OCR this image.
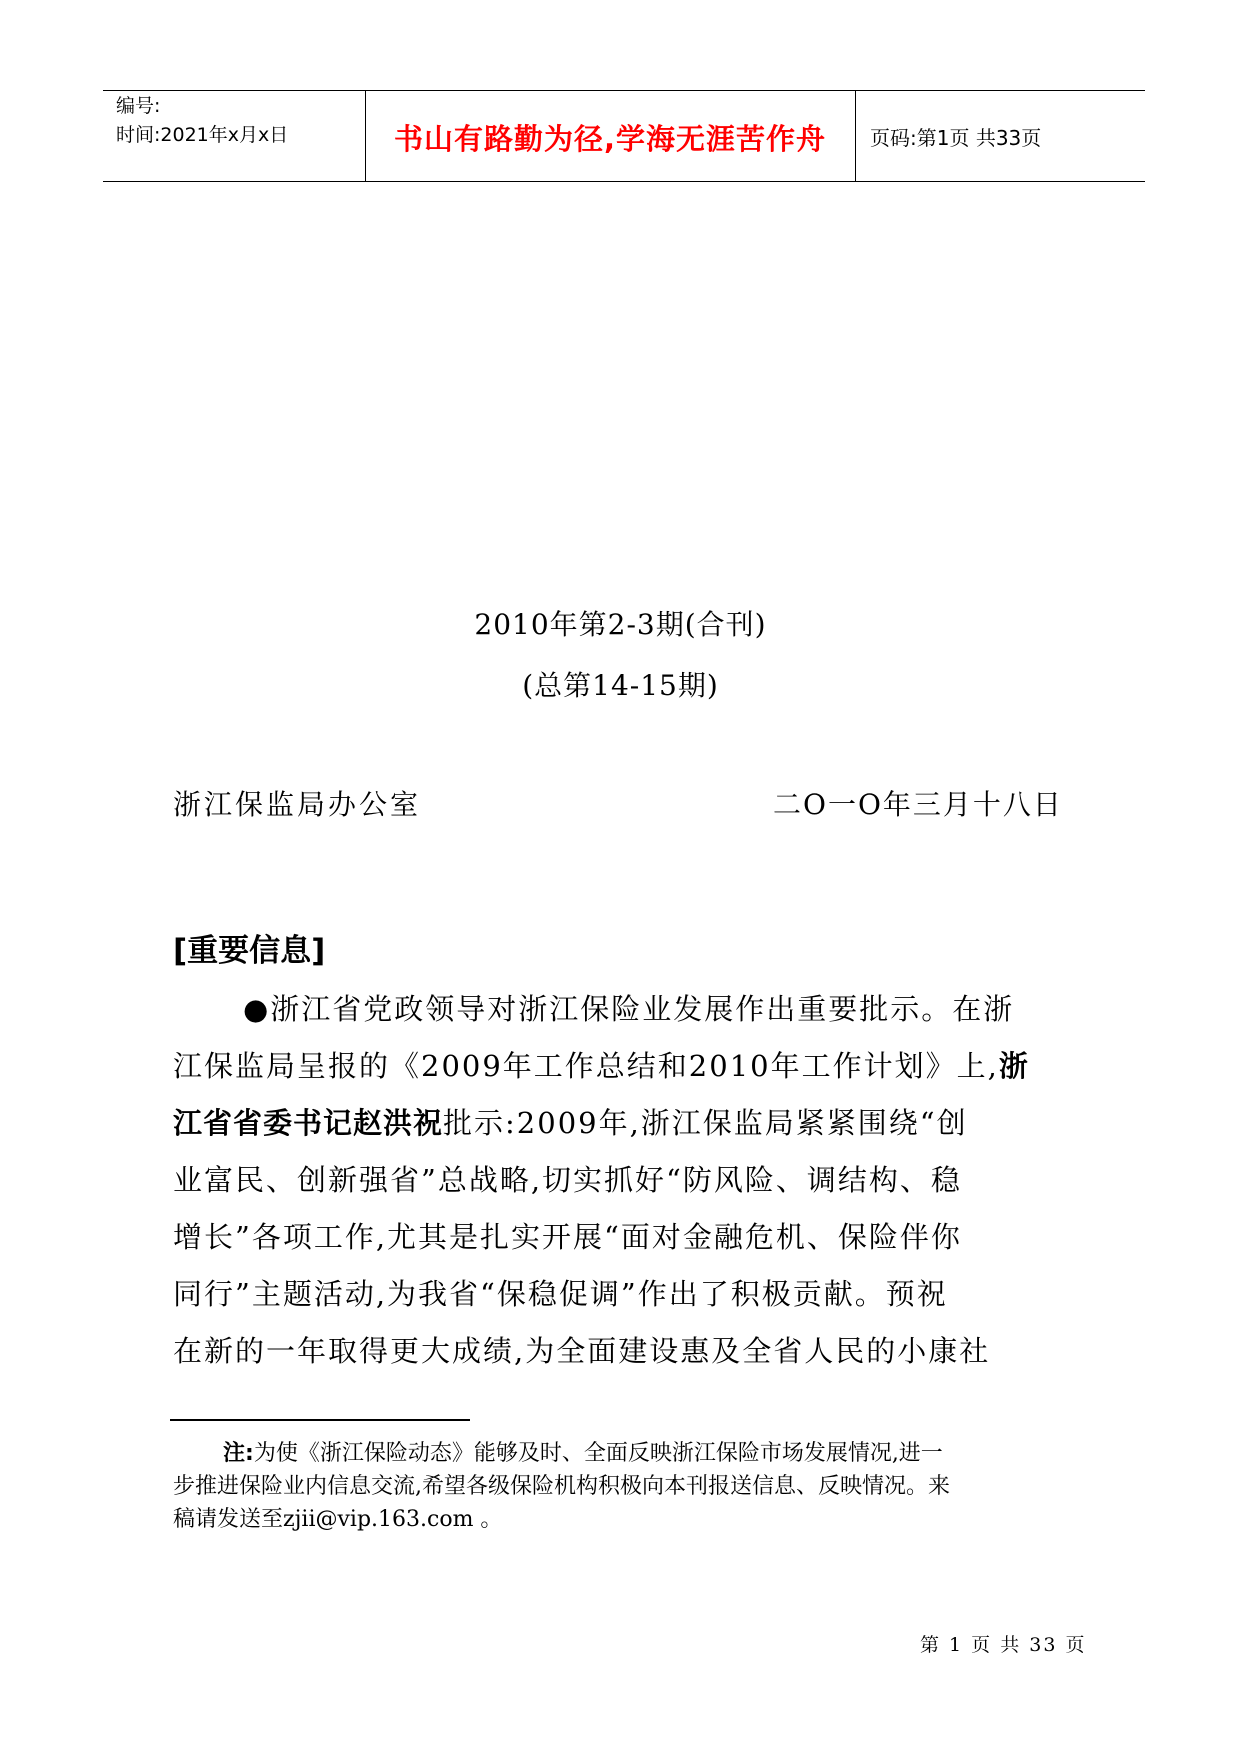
编号:
时间:2021年x月x日	书山有路勤为径,学海无涯苦作舟	页码:第1页 共33页
2010年第2-3期(合刊)
(总第14-15期)
浙江保监局办公室	二O一O年三月十八日
[重要信息]
●浙江省党政领导对浙江保险业发展作出重要批示。在浙
江保监局呈报的《2009年工作总结和2010年工作计划》上,浙
江省省委书记赵洪祝批示:2009年,浙江保监局紧紧围绕“创
业富民、创新强省”总战略,切实抓好“防风险、调结构、稳
增长”各项工作,尤其是扎实开展“面对金融危机、保险伴你
同行”主题活动,为我省“保稳促调”作出了积极贡献。预祝
在新的一年取得更大成绩,为全面建设惠及全省人民的小康社
注:为使《浙江保险动态》能够及时、全面反映浙江保险市场发展情况,进一
步推进保险业内信息交流,希望各级保险机构积极向本刊报送信息、反映情况。来
稿请发送至zjii@vip.163.com 。
第 1 页 共 33 页
